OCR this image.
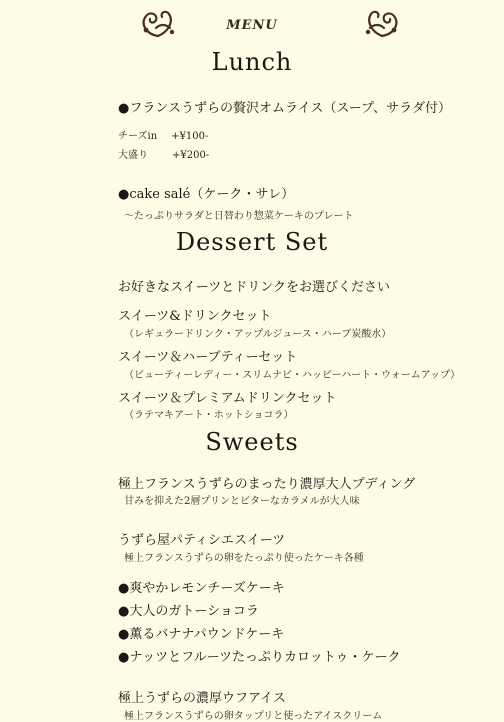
MENU
Lunch
●フランスうずらの贅沢オムライス（スープ、サラダ付）
チーズin +¥100-
大盛り +¥200-
●cake salé（ケーク・サレ）
～たっぷりサラダと日替わり惣菜ケーキのプレート
Dessert Set
お好きなスイーツとドリンクをお選びください
スイーツ&ドリンクセット
（レギュラードリンク・アップルジュース・ハーブ炭酸水）
スイーツ＆ハーブティーセット
（ビューティーレディー・スリムナビ・ハッピーハート・ウォームアップ）
スイーツ＆プレミアムドリンクセット
（ラテマキアート・ホットショコラ）
Sweets
極上フランスうずらのまったり濃厚大人プディング
甘みを抑えた2層プリンとビターなカラメルが大人味
うずら屋パティシエスイーツ
極上フランスうずらの卵をたっぷり使ったケーキ各種
●爽やかレモンチーズケーキ
●大人のガトーショコラ
●薫るバナナパウンドケーキ
●ナッツとフルーツたっぷりカロットゥ・ケーク
極上うずらの濃厚ウフアイス
極上フランスうずらの卵タップリと使ったアイスクリーム
